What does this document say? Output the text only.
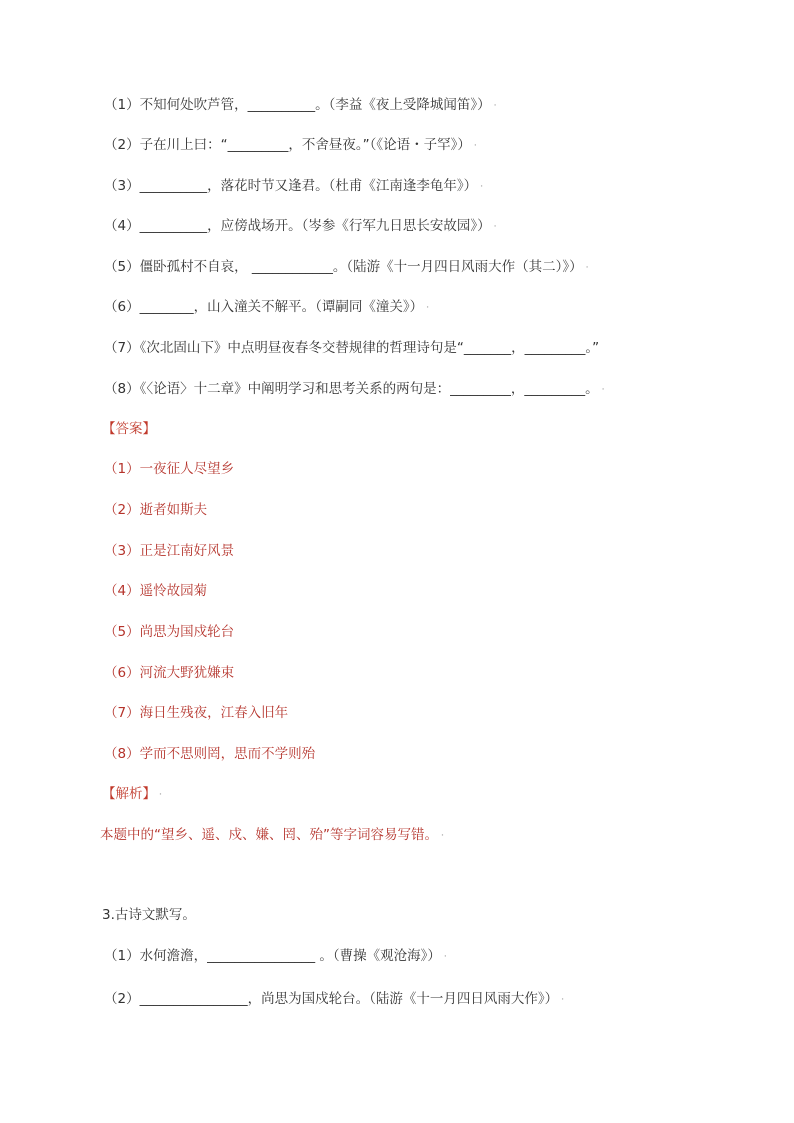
（1）不知何处吹芦管，__________。（李益《夜上受降城闻笛》） ⸱
（2）子在川上曰：“_________，不舍昼夜。”（《论语・子罕》） ⸱
（3）__________，落花时节又逢君。（杜甫《江南逢李龟年》） ⸱
（4）__________，应傍战场开。（岑参《行军九日思长安故园》） ⸱
（5）僵卧孤村不自哀， ____________。（陆游《十一月四日风雨大作（其二）》） ⸱
（6）________，山入潼关不解平。（谭嗣同《潼关》） ⸱
（7）《次北固山下》中点明昼夜春冬交替规律的哲理诗句是“_______，_________。”
（8）《〈论语〉十二章》中阐明学习和思考关系的两句是：_________，_________。 ⸱
【答案】
（1）一夜征人尽望乡
（2）逝者如斯夫
（3）正是江南好风景
（4）遥怜故园菊
（5）尚思为国戍轮台
（6）河流大野犹嫌束
（7）海日生残夜，江春入旧年
（8）学而不思则罔，思而不学则殆
【解析】 ⸱
本题中的“望乡、遥、戍、嫌、罔、殆”等字词容易写错。 ⸱
3.古诗文默写。
（1）水何澹澹，________________ 。（曹操《观沧海》） ⸱
（2）________________，尚思为国戍轮台。（陆游《十一月四日风雨大作》） ⸱
